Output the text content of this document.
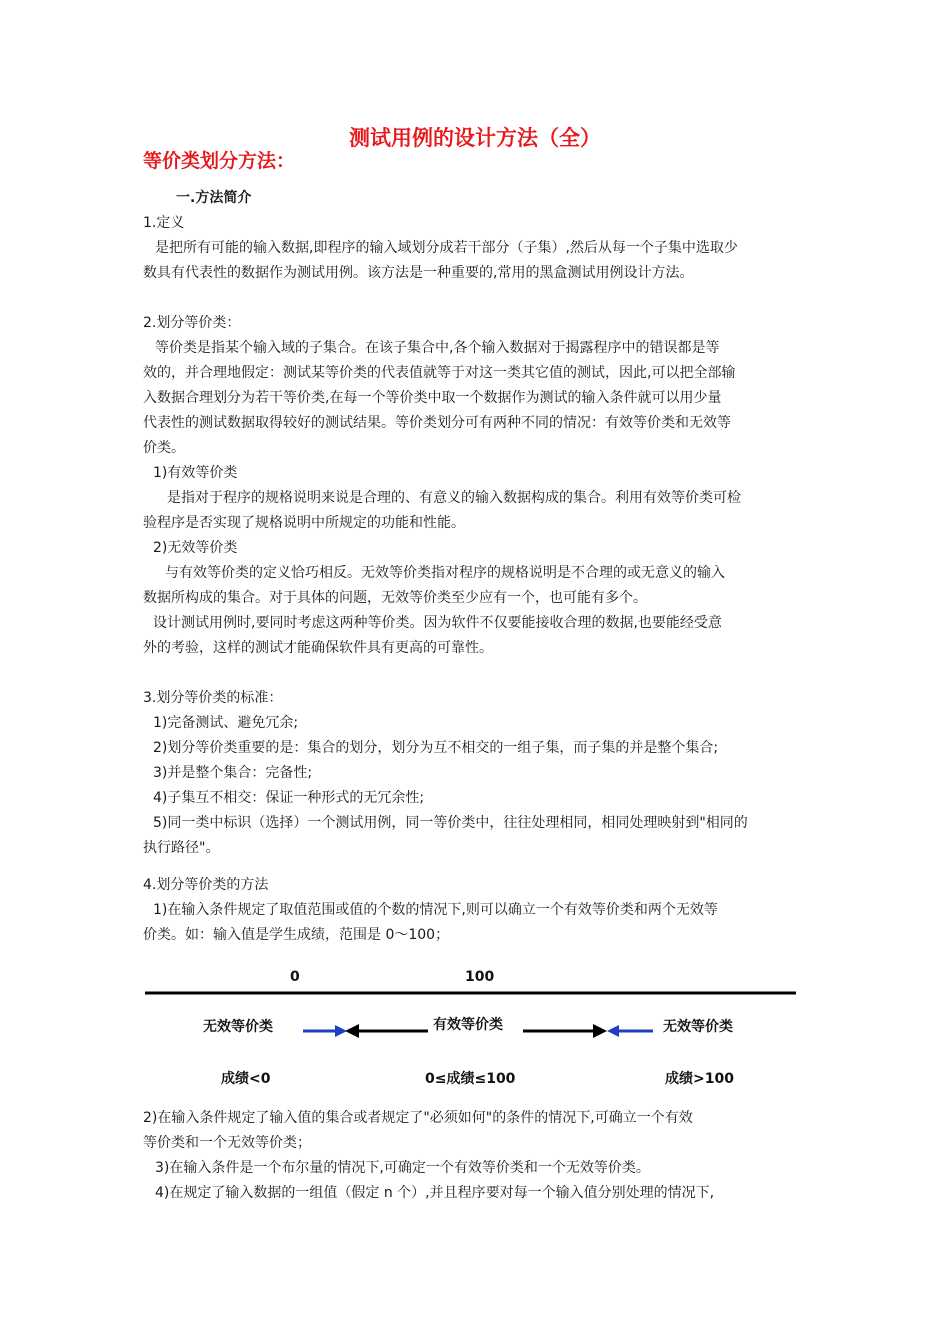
测试用例的设计方法（全）
等价类划分方法：
一.方法简介
1.定义
是把所有可能的输入数据,即程序的输入域划分成若干部分（子集）,然后从每一个子集中选取少
数具有代表性的数据作为测试用例。该方法是一种重要的,常用的黑盒测试用例设计方法。
2.划分等价类：
等价类是指某个输入域的子集合。在该子集合中,各个输入数据对于揭露程序中的错误都是等
效的，并合理地假定：测试某等价类的代表值就等于对这一类其它值的测试，因此,可以把全部输
入数据合理划分为若干等价类,在每一个等价类中取一个数据作为测试的输入条件就可以用少量
代表性的测试数据取得较好的测试结果。等价类划分可有两种不同的情况：有效等价类和无效等
价类。
1)有效等价类
是指对于程序的规格说明来说是合理的、有意义的输入数据构成的集合。利用有效等价类可检
验程序是否实现了规格说明中所规定的功能和性能。
2)无效等价类
与有效等价类的定义恰巧相反。无效等价类指对程序的规格说明是不合理的或无意义的输入
数据所构成的集合。对于具体的问题，无效等价类至少应有一个，也可能有多个。
设计测试用例时,要同时考虑这两种等价类。因为软件不仅要能接收合理的数据,也要能经受意
外的考验，这样的测试才能确保软件具有更高的可靠性。
3.划分等价类的标准：
1)完备测试、避免冗余;
2)划分等价类重要的是：集合的划分，划分为互不相交的一组子集，而子集的并是整个集合;
3)并是整个集合：完备性;
4)子集互不相交：保证一种形式的无冗余性;
5)同一类中标识（选择）一个测试用例，同一等价类中，往往处理相同，相同处理映射到"相同的
执行路径"。
4.划分等价类的方法
1)在输入条件规定了取值范围或值的个数的情况下,则可以确立一个有效等价类和两个无效等
价类。如：输入值是学生成绩，范围是 0～100；
0	100
无效等价类	有效等价类	无效等价类
成绩<0	0≤成绩≤100	成绩>100
2)在输入条件规定了输入值的集合或者规定了"必须如何"的条件的情况下,可确立一个有效
等价类和一个无效等价类；
3)在输入条件是一个布尔量的情况下,可确定一个有效等价类和一个无效等价类。
4)在规定了输入数据的一组值（假定 n 个）,并且程序要对每一个输入值分别处理的情况下,
